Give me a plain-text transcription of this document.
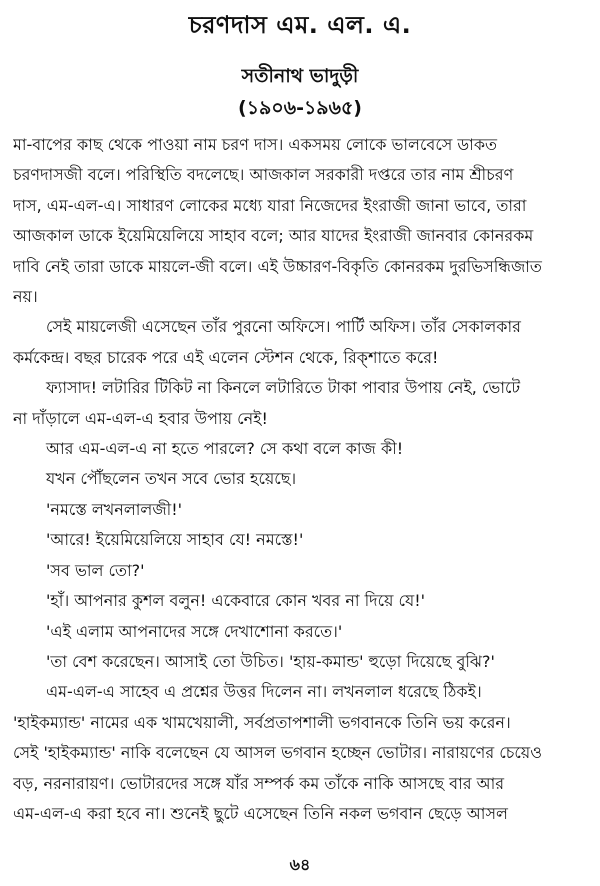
চরণদাস এম. এল. এ.
সতীনাথ ভাদুড়ী
(১৯০৬-১৯৬৫)

মা-বাপের কাছ থেকে পাওয়া নাম চরণ দাস। একসময় লোকে ভালবেসে ডাকত

চরণদাসজী বলে। পরিস্থিতি বদলেছে। আজকাল সরকারী দপ্তরে তার নাম শ্রীচরণ

দাস, এম-এল-এ। সাধারণ লোকের মধ্যে যারা নিজেদের ইংরাজী জানা ভাবে, তারা

আজকাল ডাকে ইয়েমিয়েলিয়ে সাহাব বলে; আর যাদের ইংরাজী জানবার কোনরকম

দাবি নেই তারা ডাকে মায়লে-জী বলে। এই উচ্চারণ-বিকৃতি কোনরকম দুরভিসন্ধিজাত

নয়।

সেই মায়লেজী এসেছেন তাঁর পুরনো অফিসে। পার্টি অফিস। তাঁর সেকালকার

কর্মকেন্দ্র। বছর চারেক পরে এই এলেন স্টেশন থেকে, রিক্‌শাতে করে!

ফ্যাসাদ! লটারির টিকিট না কিনলে লটারিতে টাকা পাবার উপায় নেই, ভোটে

না দাঁড়ালে এম-এল-এ হবার উপায় নেই!

আর এম-এল-এ না হতে পারলে? সে কথা বলে কাজ কী!

যখন পৌঁছলেন তখন সবে ভোর হয়েছে।

'নমস্তে লখনলালজী!'

'আরে! ইয়েমিয়েলিয়ে সাহাব যে! নমস্তে!'

'সব ভাল তো?'

'হাঁ। আপনার কুশল বলুন! একেবারে কোন খবর না দিয়ে যে!'

'এই এলাম আপনাদের সঙ্গে দেখাশোনা করতে।'

'তা বেশ করেছেন। আসাই তো উচিত। 'হায়-কমান্ড' হুড়ো দিয়েছে বুঝি?'

এম-এল-এ সাহেব এ প্রশ্নের উত্তর দিলেন না। লখনলাল ধরেছে ঠিকই।

'হাইকম্যান্ড' নামের এক খামখেয়ালী, সর্বপ্রতাপশালী ভগবানকে তিনি ভয় করেন।

সেই 'হাইকম্যান্ড' নাকি বলেছেন যে আসল ভগবান হচ্ছেন ভোটার। নারায়ণের চেয়েও

বড়, নরনারায়ণ। ভোটারদের সঙ্গে যাঁর সম্পর্ক কম তাঁকে নাকি আসছে বার আর

এম-এল-এ করা হবে না। শুনেই ছুটে এসেছেন তিনি নকল ভগবান ছেড়ে আসল

৬৪
